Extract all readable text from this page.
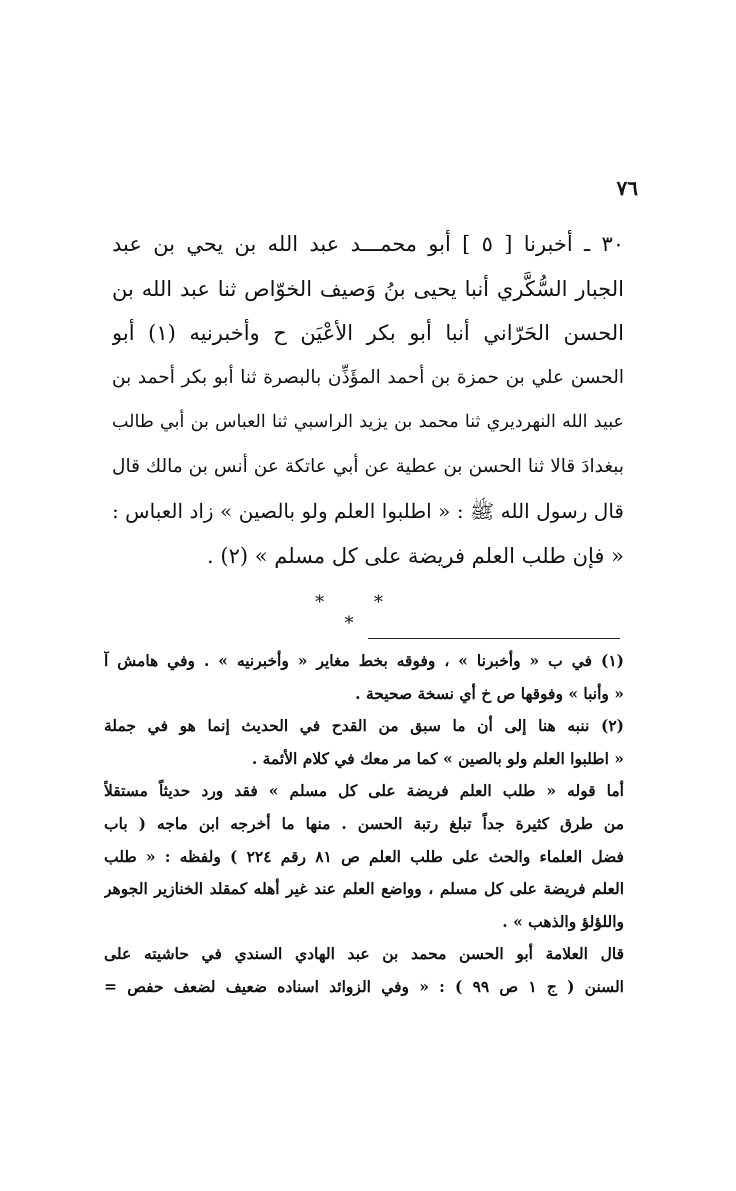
٧٦
٣٠ ـ أخبرنا [ ٥ ] أبو محمـــد عبد الله بن يحي بن عبد
الجبار السُّكَّري أنبا يحيى بنُ وَصيف الخوّاص ثنا عبد الله بن
الحسن الحَرّاني أنبا أبو بكر الأعْيَن ح وأخبرنيه (١) أبو
الحسن علي بن حمزة بن أحمد المؤَذِّن بالبصرة ثنا أبو بكر أحمد بن
عبيد الله النهرديري ثنا محمد بن يزيد الراسبي ثنا العباس بن أبي طالب
ببغدادَ قالا ثنا الحسن بن عطية عن أبي عاتكة عن أنس بن مالك قال
قال رسول الله ﷺ : « اطلبوا العلم ولو بالصين » زاد العباس :
« فإن طلب العلم فريضة على كل مسلم » (٢) .
* * *
(١) في ب « وأخبرنا » ، وفوقه بخط مغاير « وأخبرنيه » . وفي هامش آ
« وأنبا » وفوقها ص خ أي نسخة صحيحة .
(٢) ننبه هنا إلى أن ما سبق من القدح في الحديث إنما هو في جملة
« اطلبوا العلم ولو بالصين » كما مر معك في كلام الأئمة .
أما قوله « طلب العلم فريضة على كل مسلم » فقد ورد حديثاً مستقلاً
من طرق كثيرة جداً تبلغ رتبة الحسن . منها ما أخرجه ابن ماجه ( باب
فضل العلماء والحث على طلب العلم ص ٨١ رقم ٢٢٤ ) ولفظه : « طلب
العلم فريضة على كل مسلم ، وواضع العلم عند غير أهله كمقلد الخنازير الجوهر
واللؤلؤ والذهب » .
قال العلامة أبو الحسن محمد بن عبد الهادي السندي في حاشيته على
السنن ( ج ١ ص ٩٩ ) : « وفي الزوائد اسناده ضعيف لضعف حفص =
